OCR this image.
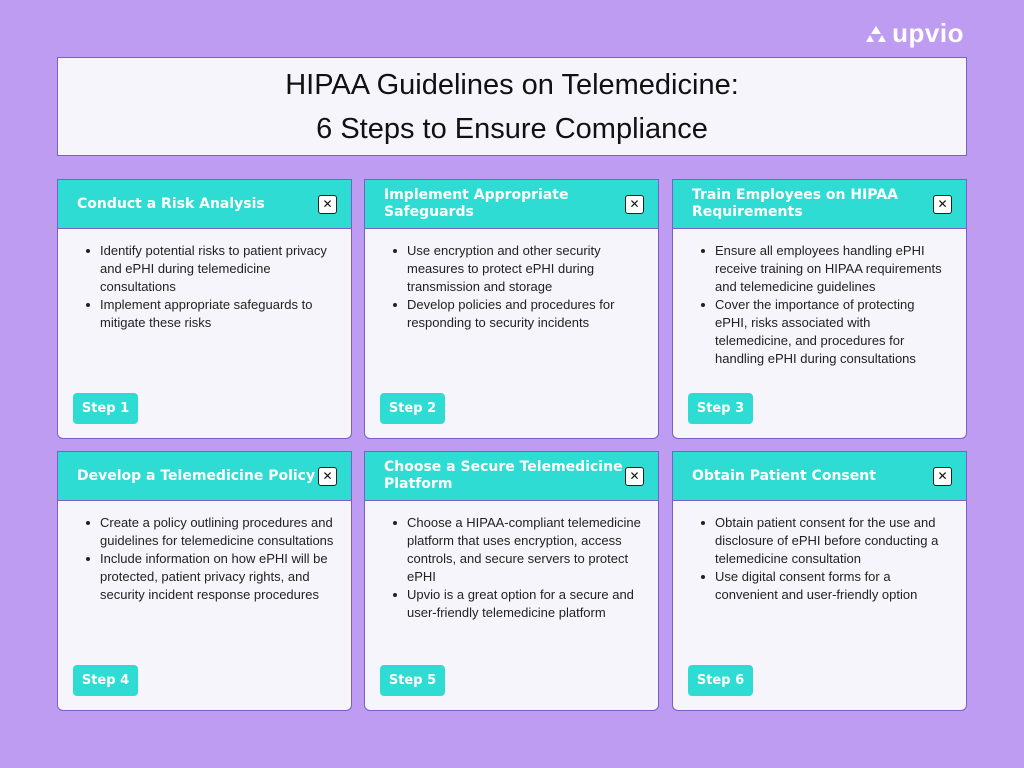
upvio
HIPAA Guidelines on Telemedicine:
6 Steps to Ensure Compliance
Conduct a Risk Analysis	✕
Identify potential risks to patient privacy and ePHI during telemedicine consultations
Implement appropriate safeguards to mitigate these risks
Step 1
Implement Appropriate Safeguards	✕
Use encryption and other security measures to protect ePHI during transmission and storage
Develop policies and procedures for responding to security incidents
Step 2
Train Employees on HIPAA Requirements	✕
Ensure all employees handling ePHI receive training on HIPAA requirements and telemedicine guidelines
Cover the importance of protecting ePHI, risks associated with telemedicine, and procedures for handling ePHI during consultations
Step 3
Develop a Telemedicine Policy ✕
Create a policy outlining procedures and guidelines for telemedicine consultations
Include information on how ePHI will be protected, patient privacy rights, and security incident response procedures
Step 4
Choose a Secure Telemedicine Platform	✕
Choose a HIPAA-compliant telemedicine platform that uses encryption, access controls, and secure servers to protect ePHI
Upvio is a great option for a secure and user-friendly telemedicine platform
Step 5
Obtain Patient Consent	✕
Obtain patient consent for the use and disclosure of ePHI before conducting a telemedicine consultation
Use digital consent forms for a convenient and user-friendly option
Step 6
